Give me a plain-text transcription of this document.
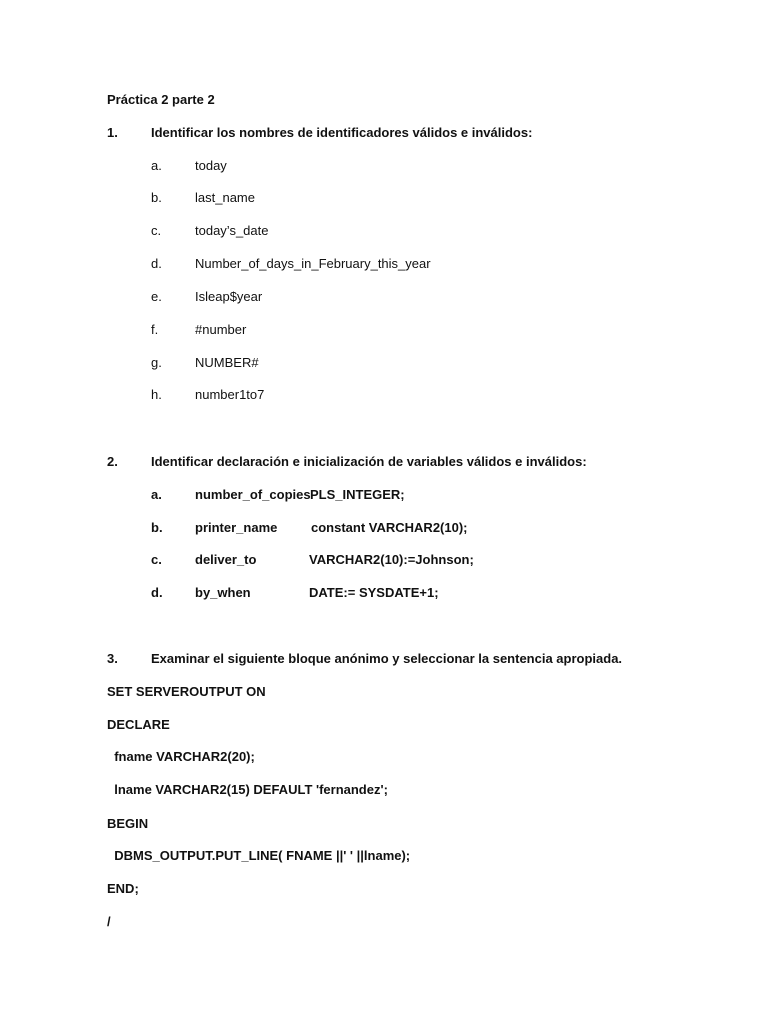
Práctica 2 parte 2
1.	Identificar los nombres de identificadores válidos e inválidos:
a.	today
b.	last_name
c.	today’s_date
d.	Number_of_days_in_February_this_year
e.	Isleap$year
f.	#number
g.	NUMBER#
h.	number1to7
2.	Identificar declaración e inicialización de variables válidos e inválidos:
a.	number_of_copies PLS_INTEGER;
b. printer_name	constant VARCHAR2(10);
c.	deliver_to	VARCHAR2(10):=Johnson;
d. by_when	DATE:= SYSDATE+1;
3.	Examinar el siguiente bloque anónimo y seleccionar la sentencia apropiada.
SET SERVEROUTPUT ON
DECLARE
fname VARCHAR2(20);
lname VARCHAR2(15) DEFAULT 'fernandez';
BEGIN
DBMS_OUTPUT.PUT_LINE( FNAME ||' ' ||lname);
END;
/
